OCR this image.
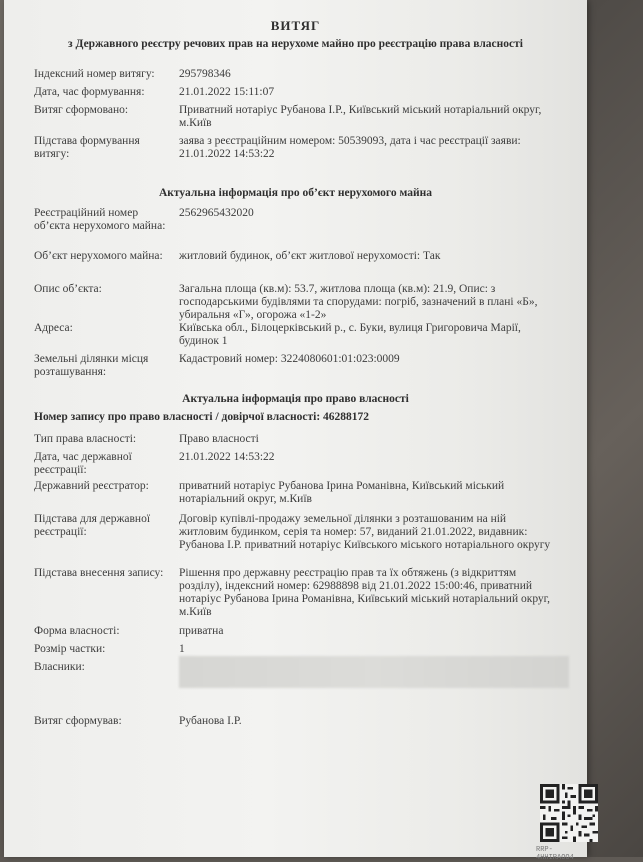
ВИТЯГ
з Державного реєстру речових прав на нерухоме майно про реєстрацію права власності
Індексний номер витягу:	295798346
Дата, час формування:	21.01.2022 15:11:07
Витяг сформовано:	Приватний нотаріус Рубанова І.Р., Київський міський нотаріальний округ, м.Київ
Підстава формування витягу:
заява з реєстраційним номером: 50539093, дата і час реєстрації заяви: 21.01.2022 14:53:22
Актуальна інформація про об’єкт нерухомого майна
Реєстраційний номер об’єкта нерухомого майна:
2562965432020
Об’єкт нерухомого майна:	житловий будинок, об’єкт житлової нерухомості: Так
Опис об’єкта:	Загальна площа (кв.м): 53.7, житлова площа (кв.м): 21.9, Опис: з господарськими будівлями та спорудами: погріб, зазначений в плані «Б», убиральня «Г», огорожа «1-2»
Адреса:	Київська обл., Білоцерківський р., с. Буки, вулиця Григоровича Марії, будинок 1
Земельні ділянки місця розташування:
Кадастровий номер: 3224080601:01:023:0009
Актуальна інформація про право власності
Номер запису про право власності / довірчої власності: 46288172
Тип права власності:	Право власності
Дата, час державної реєстрації:
21.01.2022 14:53:22
Державний реєстратор:	приватний нотаріус Рубанова Ірина Романівна, Київський міський нотаріальний округ, м.Київ
Підстава для державної реєстрації:
Договір купівлі-продажу земельної ділянки з розташованим на ній житловим будинком, серія та номер: 57, виданий 21.01.2022, видавник: Рубанова І.Р. приватний нотаріус Київського міського нотаріального округу
Підстава внесення запису:	Рішення про державну реєстрацію прав та їх обтяжень (з відкриттям розділу), індексний номер: 62988898 від 21.01.2022 15:00:46, приватний нотаріус Рубанова Ірина Романівна, Київський міський нотаріальний округ, м.Київ
Форма власності:	приватна
Розмір частки:	1
Власники:
Витяг сформував:	Рубанова І.Р.
RRP-4HHIRAOO4
